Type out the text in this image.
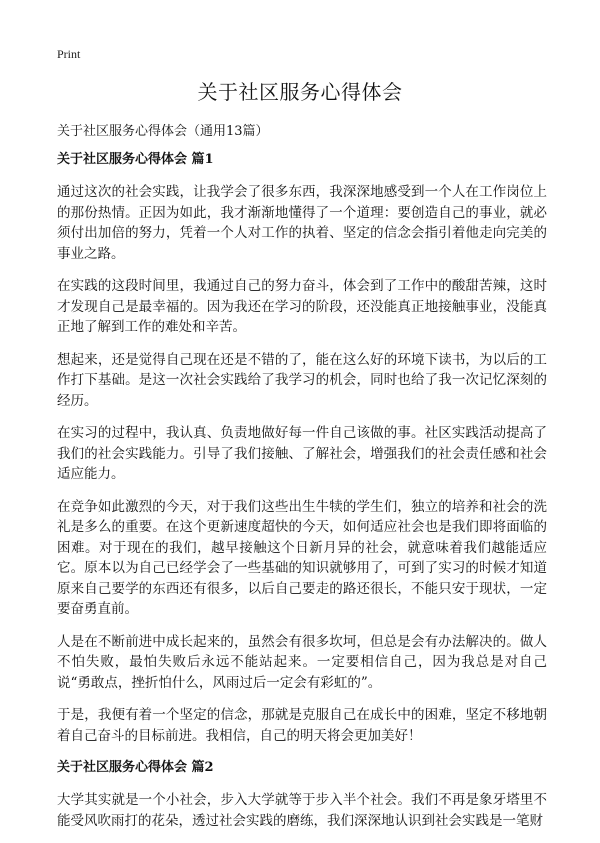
Print
关于社区服务心得体会
关于社区服务心得体会（通用13篇）
关于社区服务心得体会 篇1

通过这次的社会实践，让我学会了很多东西，我深深地感受到一个人在工作岗位上的那份热情。正因为如此，我才渐渐地懂得了一个道理：要创造自己的事业，就必须付出加倍的努力，凭着一个人对工作的执着、坚定的信念会指引着他走向完美的事业之路。

在实践的这段时间里，我通过自己的努力奋斗，体会到了工作中的酸甜苦辣，这时才发现自己是最幸福的。因为我还在学习的阶段，还没能真正地接触事业，没能真正地了解到工作的难处和辛苦。

想起来，还是觉得自己现在还是不错的了，能在这么好的环境下读书，为以后的工作打下基础。是这一次社会实践给了我学习的机会，同时也给了我一次记忆深刻的经历。

在实习的过程中，我认真、负责地做好每一件自己该做的事。社区实践活动提高了我们的社会实践能力。引导了我们接触、了解社会，增强我们的社会责任感和社会适应能力。

在竞争如此激烈的今天，对于我们这些出生牛犊的学生们，独立的培养和社会的洗礼是多么的重要。在这个更新速度超快的今天，如何适应社会也是我们即将面临的困难。对于现在的我们，越早接触这个日新月异的社会，就意味着我们越能适应它。原本以为自己已经学会了一些基础的知识就够用了，可到了实习的时候才知道原来自己要学的东西还有很多，以后自己要走的路还很长，不能只安于现状，一定要奋勇直前。

人是在不断前进中成长起来的，虽然会有很多坎坷，但总是会有办法解决的。做人不怕失败，最怕失败后永远不能站起来。一定要相信自己，因为我总是对自己说“勇敢点，挫折怕什么，风雨过后一定会有彩虹的”。

于是，我便有着一个坚定的信念，那就是克服自己在成长中的困难，坚定不移地朝着自己奋斗的目标前进。我相信，自己的明天将会更加美好！

关于社区服务心得体会 篇2

大学其实就是一个小社会，步入大学就等于步入半个社会。我们不再是象牙塔里不能受风吹雨打的花朵，透过社会实践的磨练，我们深深地认识到社会实践是一笔财
